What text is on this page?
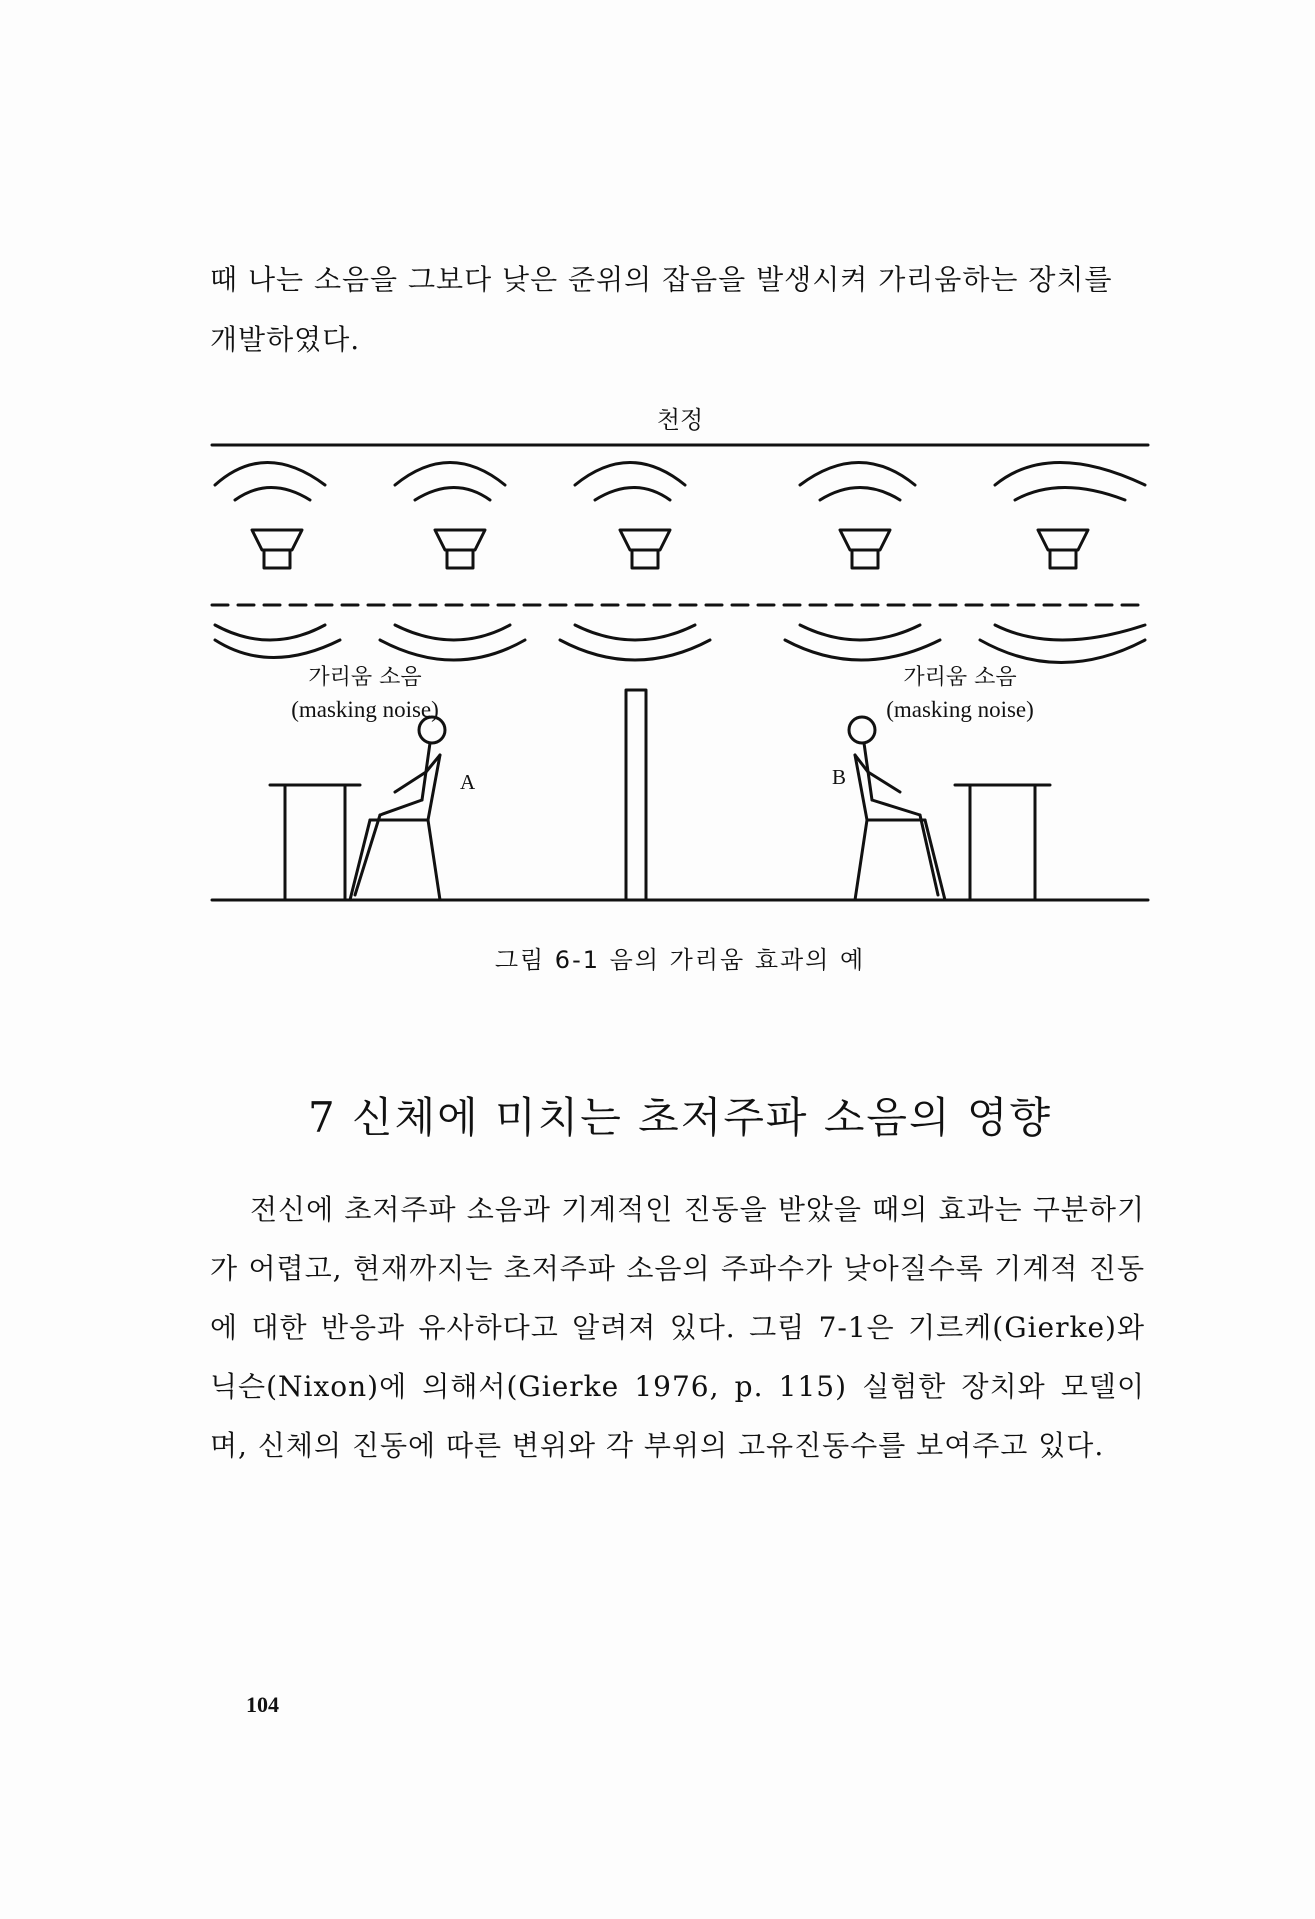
때 나는 소음을 그보다 낮은 준위의 잡음을 발생시켜 가리움하는 장치를 개발하였다.

천정
가리움 소음
(masking noise)
가리움 소음
(masking noise)
A	B
그림 6-1 음의 가리움 효과의 예
7 신체에 미치는 초저주파 소음의 영향

전신에 초저주파 소음과 기계적인 진동을 받았을 때의 효과는 구분하기가 어렵고, 현재까지는 초저주파 소음의 주파수가 낮아질수록 기계적 진동에 대한 반응과 유사하다고 알려져 있다. 그림 7-1은 기르케(Gierke)와 닉슨(Nixon)에 의해서(Gierke 1976, p. 115) 실험한 장치와 모델이며, 신체의 진동에 따른 변위와 각 부위의 고유진동수를 보여주고 있다.

104
